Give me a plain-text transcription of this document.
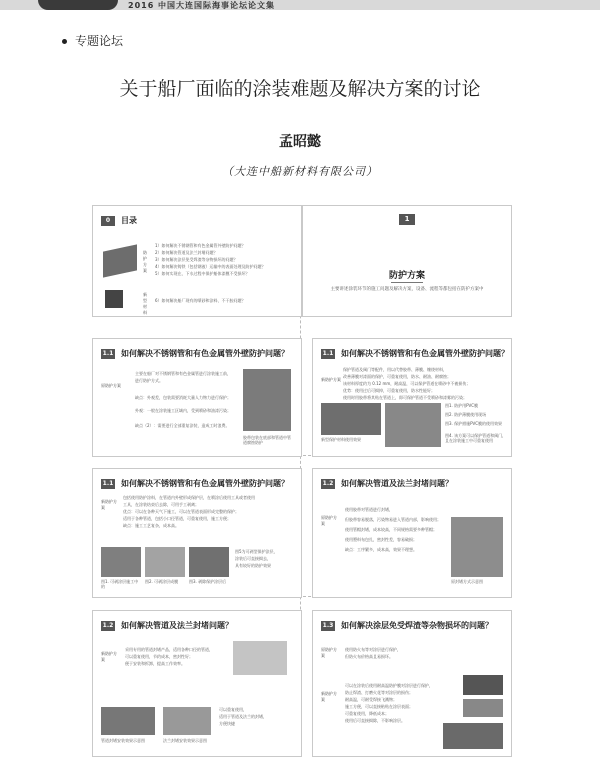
2016 中国大连国际海事论坛论文集
专题论坛
关于船厂面临的涂装难题及解决方案的讨论
孟昭懿
（大连中船新材料有限公司）
0	目录
防护方案
新型材料
1）如何解决不锈钢管和有色金属管外壁防护问题？
2）如何解决管道及法兰封堵问题？
3）如何解决涂层免受焊渣等杂物损坏的问题？
4）如何解决铸铁（包括钢液）运输中的表面处理及防护问题？
5）如何实现在、下水过程中保护船体漆膜不受损坏？
6）如何解决船厂现有的喷砂和涂料、不干胶问题？
1
防护方案
主要讲述涂装环节的施工问题及解决方案，设备、流程等都包括在防护方案中
1.1 如何解决不锈钢管和有色金属管外壁防护问题？
原防护方案
主要在船厂对不锈钢管和有色金属管进行涂装施工前，
进行防护方式。
缺点：外观差，包装需要消耗大量人力物力进行保护；
外观：一般在涂装施工区域内，受到喷砂和油漆污染；
缺点（2）：需要进行全部重复涂装，造成工时浪费。
胶带包装在底部和管道中管道腐蚀防护
1.1 如何解决不锈钢管和有色金属管外壁防护问题？
新防护方案
保护管道及阀门等配件，用以代替胶带、薄膜、缠绕材料，
改善薄膜对漆面的保护，可重复使用，防水、耐油、耐腐蚀；
该材料厚度约为 0.12 mm，耐高温，可以保护管道在喷砂中不被损伤；
优势：使用过后可揭掉，可重复使用，防水性能好；
使用时用胶带将其贴在管道上，即可保护管道不受喷砂和漆雾的污染；
新型保护材料使用效果
图1. 防护用PVC膜
图2. 防护薄膜使用现场
图3. 保护措施PVC膜的使用效果
图4. 该方案可以保护管道和阀门，且在涂装施工中可重复使用
1.1 如何解决不锈钢管和有色金属管外壁防护问题？
新防护方案
包括使用防护涂料，在管道内外壁形成保护层，在喷涂后使用工具或者使用
工具，在涂装结束后去除，可用手工剥离；
优点：可以在各种天气下施工，可以在管道表面形成完整的保护；
适用于各种管道，包括小口径管道，可重复使用，施工方便；
缺点：施工工艺复杂，成本高。
图1. 可剥涂层施工中的
图2. 可剥涂层成膜	图3. 剥除保护涂层后
图5为可剥型保护涂层，
涂装后可直接揭去，
具有较好的防护效果
1.2 如何解决管道及法兰封堵问题？
原防护方案
使用胶带对管道进行封堵，
但胶带容易脱落，污染物易进入管道内部，影响使用；
使用管帽封堵，成本较高，不同规格需要多种管帽；
使用塑料布包扎，密封性差，容易破损；
缺点：工序繁多，成本高，效果不理想。
原封堵方式示意图
1.2 如何解决管道及法兰封堵问题？
新防护方案
采用专用的管道封堵产品，适用各种口径的管道，
可以重复使用，节约成本，密封性好；
便于安装和拆卸，提高工作效率。
管道封堵安装效果示意图	法兰封堵安装效果示意图
可以重复使用，
适用于管道及法兰的封堵，
方便快捷
1.3 如何解决涂层免受焊渣等杂物损坏的问题？
原防护方案
使用防火布等对涂层进行保护，
但防火布价格高且易损坏。
新防护方案
可以在涂装后使用耐高温防护膜对涂层进行保护，
防止焊渣、打磨火花等对涂层的损伤；
耐高温，可耐受焊接飞溅物；
施工方便，可以直接粘贴在涂层表面；
可重复使用，降低成本；
使用后可直接揭除，不影响涂层。
